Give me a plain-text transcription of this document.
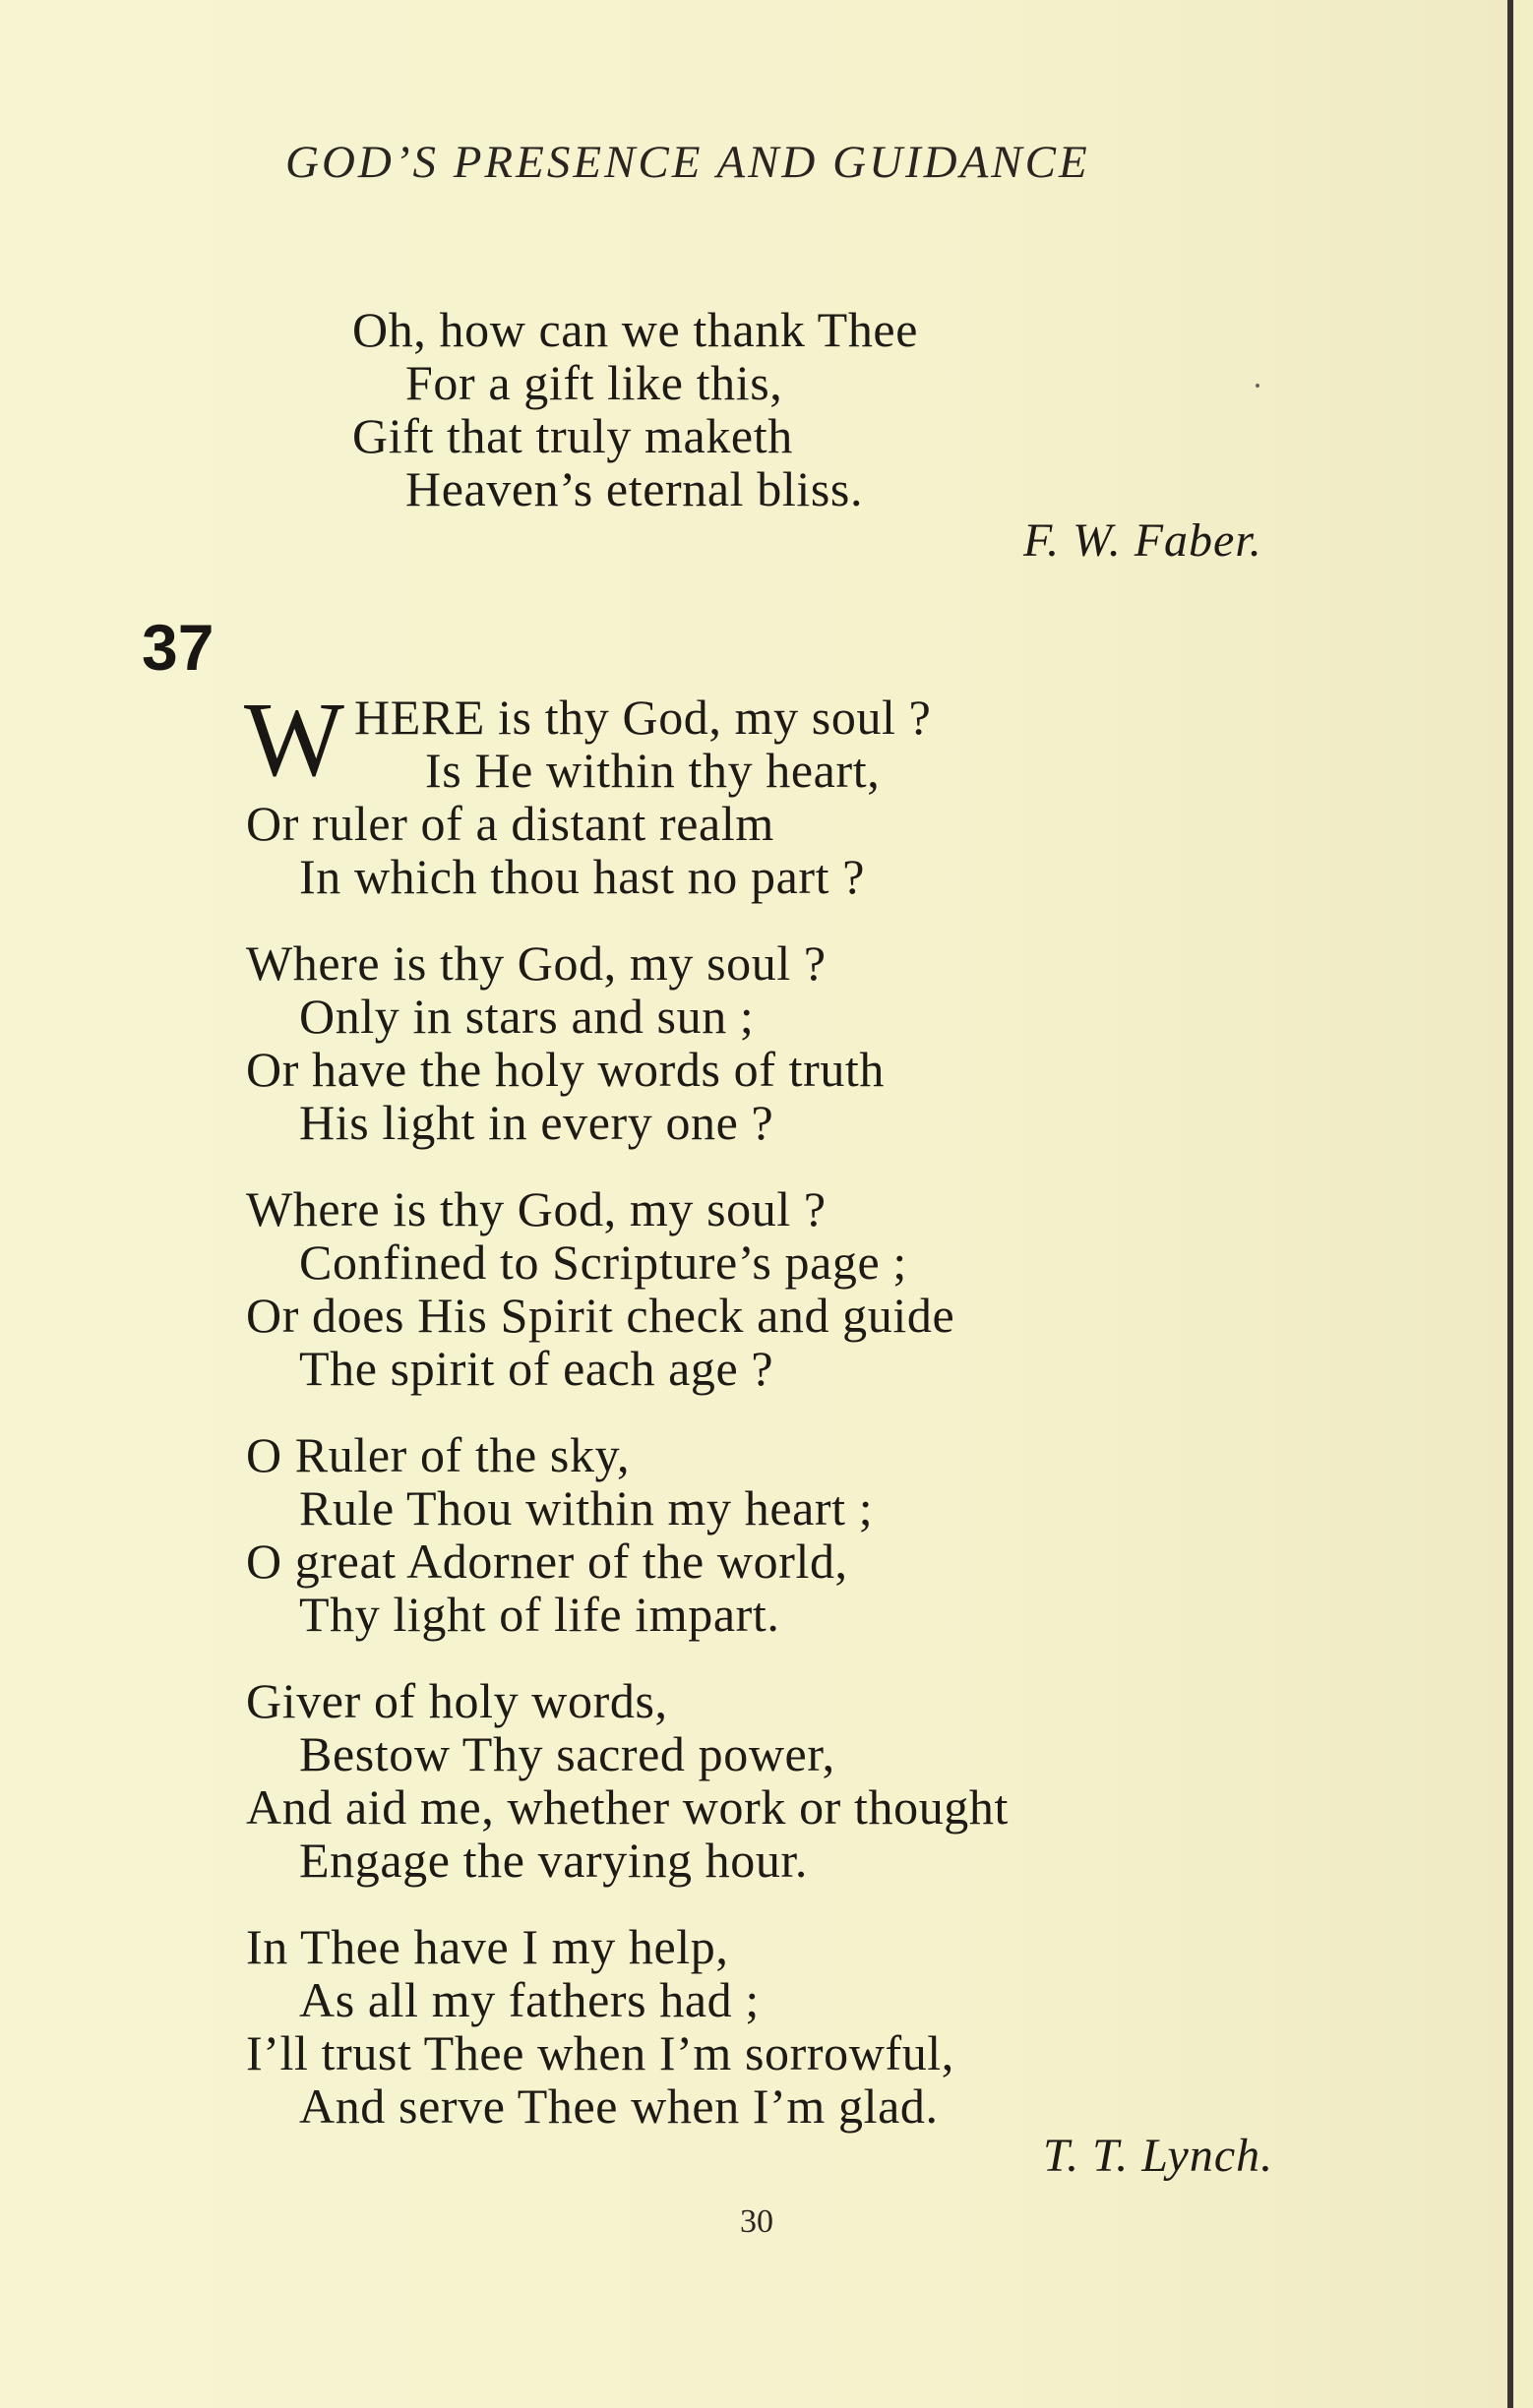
GOD’S PRESENCE AND GUIDANCE
Oh, how can we thank Thee
For a gift like this,
Gift that truly maketh
Heaven’s eternal bliss.
F. W. Faber.
37
W HERE is thy God, my soul ?
Is He within thy heart,
Or ruler of a distant realm
In which thou hast no part ?
Where is thy God, my soul ?
Only in stars and sun ;
Or have the holy words of truth
His light in every one ?
Where is thy God, my soul ?
Confined to Scripture’s page ;
Or does His Spirit check and guide
The spirit of each age ?
O Ruler of the sky,
Rule Thou within my heart ;
O great Adorner of the world,
Thy light of life impart.
Giver of holy words,
Bestow Thy sacred power,
And aid me, whether work or thought
Engage the varying hour.
In Thee have I my help,
As all my fathers had ;
I’ll trust Thee when I’m sorrowful,
And serve Thee when I’m glad.
T. T. Lynch.
30
